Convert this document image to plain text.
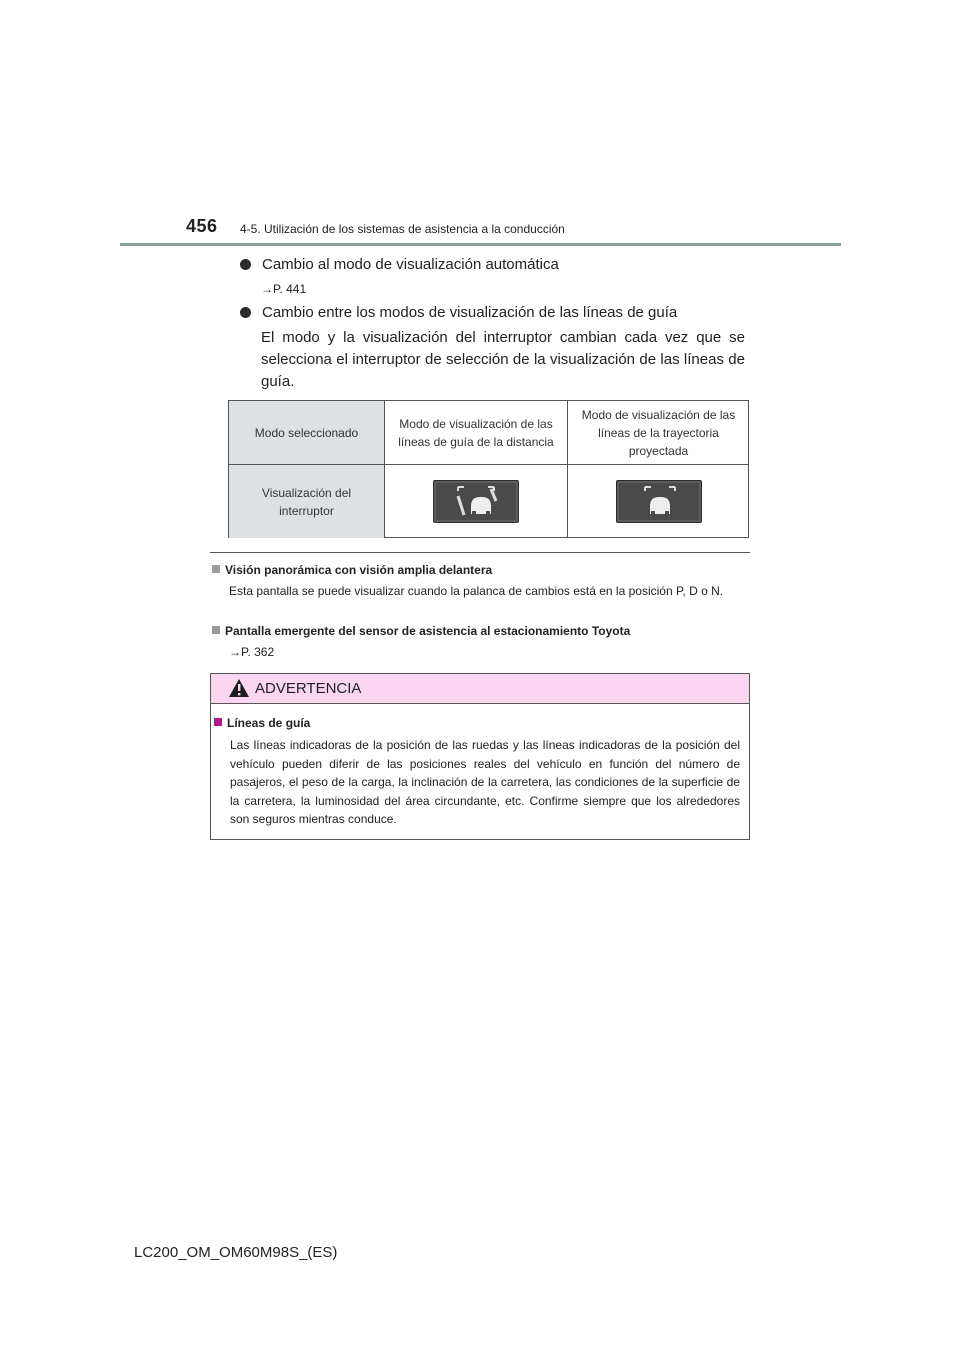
456 4-5. Utilización de los sistemas de asistencia a la conducción
Cambio al modo de visualización automática
→P. 441
Cambio entre los modos de visualización de las líneas de guía
El modo y la visualización del interruptor cambian cada vez que se selecciona el interruptor de selección de la visualización de las líneas de guía.
Modo seleccionado
Modo de visualización de las líneas de guía de la distancia
Modo de visualización de las líneas de la trayectoria proyectada
Visualización del interruptor
Visión panorámica con visión amplia delantera
Esta pantalla se puede visualizar cuando la palanca de cambios está en la posición P, D o N.
Pantalla emergente del sensor de asistencia al estacionamiento Toyota
→P. 362
ADVERTENCIA
Líneas de guía
Las líneas indicadoras de la posición de las ruedas y las líneas indicadoras de la posición del vehículo pueden diferir de las posiciones reales del vehículo en función del número de pasajeros, el peso de la carga, la inclinación de la carretera, las condiciones de la superficie de la carretera, la luminosidad del área circundante, etc. Confirme siempre que los alrededores son seguros mientras conduce.
LC200_OM_OM60M98S_(ES)
